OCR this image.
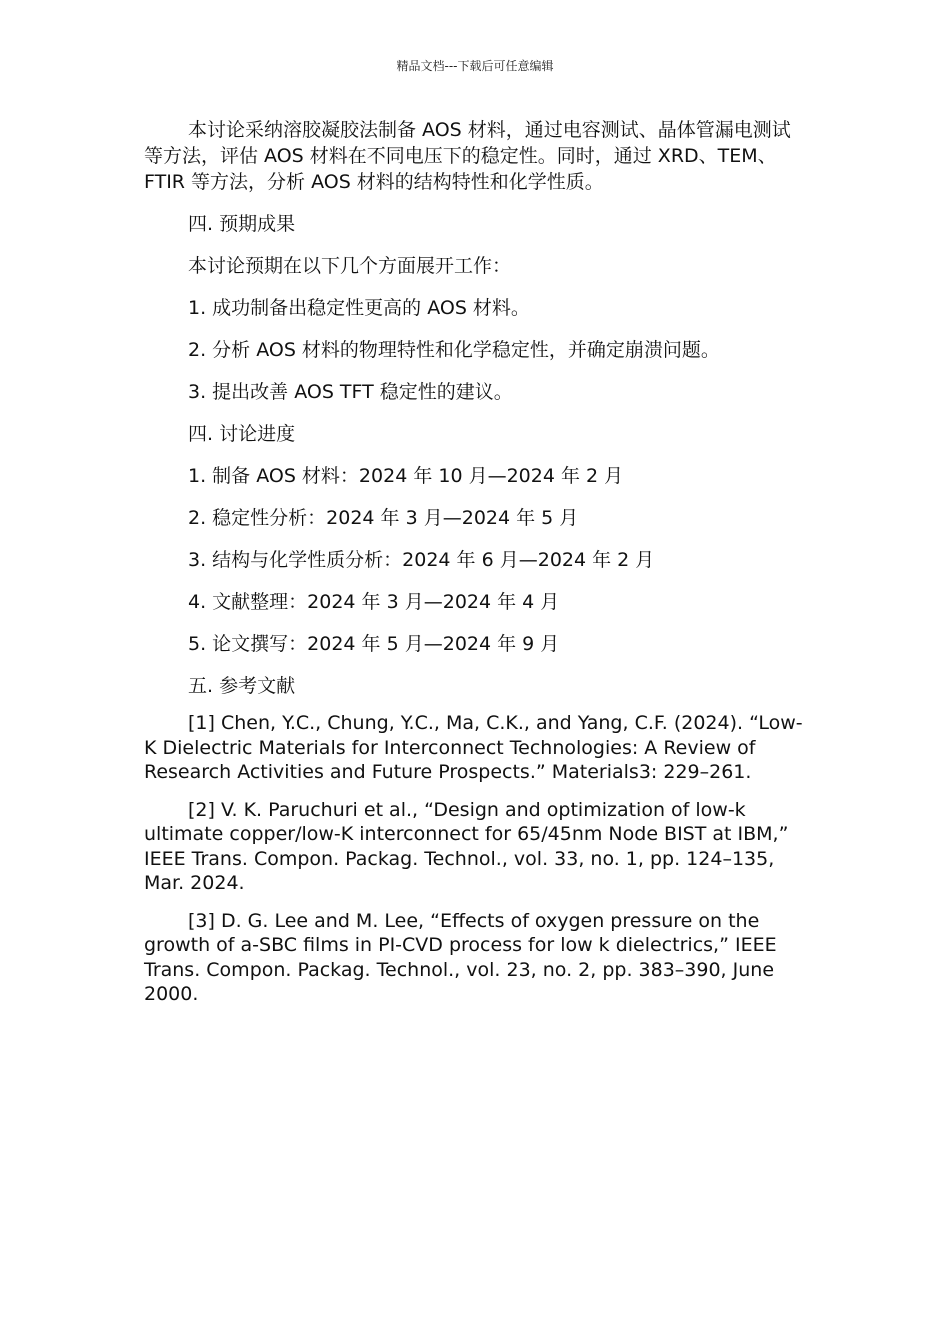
精品文档---下载后可任意编辑

本讨论采纳溶胶凝胶法制备 AOS 材料，通过电容测试、晶体管漏电测试等方法，评估 AOS 材料在不同电压下的稳定性。同时，通过 XRD、TEM、FTIR 等方法，分析 AOS 材料的结构特性和化学性质。

四. 预期成果

本讨论预期在以下几个方面展开工作：

1. 成功制备出稳定性更高的 AOS 材料。

2. 分析 AOS 材料的物理特性和化学稳定性，并确定崩溃问题。

3. 提出改善 AOS TFT 稳定性的建议。

四. 讨论进度

1. 制备 AOS 材料：2024 年 10 月—2024 年 2 月

2. 稳定性分析：2024 年 3 月—2024 年 5 月

3. 结构与化学性质分析：2024 年 6 月—2024 年 2 月

4. 文献整理：2024 年 3 月—2024 年 4 月

5. 论文撰写：2024 年 5 月—2024 年 9 月

五. 参考文献

[1] Chen, Y.C., Chung, Y.C., Ma, C.K., and Yang, C.F. (2024). “Low-K Dielectric Materials for Interconnect Technologies: A Review of Research Activities and Future Prospects.” Materials3: 229–261.

[2] V. K. Paruchuri et al., “Design and optimization of low-k ultimate copper/low-K interconnect for 65/45nm Node BIST at IBM,” IEEE Trans. Compon. Packag. Technol., vol. 33, no. 1, pp. 124–135, Mar. 2024.

[3] D. G. Lee and M. Lee, “Effects of oxygen pressure on the growth of a-SBC films in PI-CVD process for low k dielectrics,” IEEE Trans. Compon. Packag. Technol., vol. 23, no. 2, pp. 383–390, June 2000.
